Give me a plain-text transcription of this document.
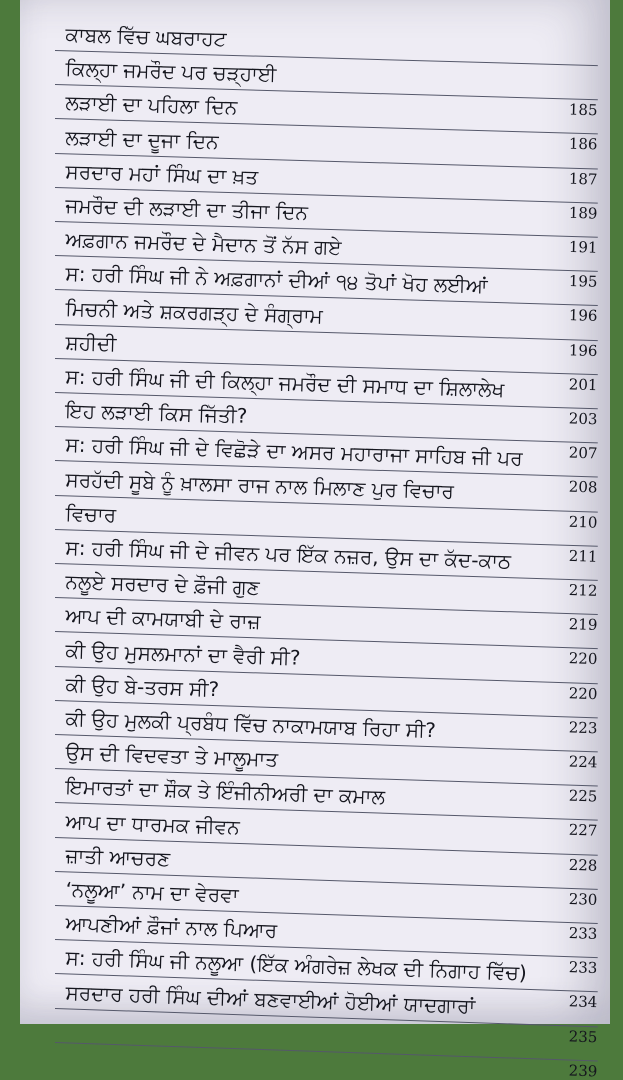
ਕਾਬਲ ਵਿੱਚ ਘਬਰਾਹਟ
ਕਿਲ੍ਹਾ ਜਮਰੌਦ ਪਰ ਚੜ੍ਹਾਈ
185
ਲੜਾਈ ਦਾ ਪਹਿਲਾ ਦਿਨ
186
ਲੜਾਈ ਦਾ ਦੂਜਾ ਦਿਨ
187
ਸਰਦਾਰ ਮਹਾਂ ਸਿੰਘ ਦਾ ਖ਼ਤ
189
ਜਮਰੌਦ ਦੀ ਲੜਾਈ ਦਾ ਤੀਜਾ ਦਿਨ
191
ਅਫ਼ਗਾਨ ਜਮਰੌਦ ਦੇ ਮੈਦਾਨ ਤੋਂ ਨੱਸ ਗਏ
195
ਸ: ਹਰੀ ਸਿੰਘ ਜੀ ਨੇ ਅਫ਼ਗਾਨਾਂ ਦੀਆਂ ੧੪ ਤੋਪਾਂ ਖੋਹ ਲਈਆਂ
196
ਮਿਚਨੀ ਅਤੇ ਸ਼ਕਰਗੜ੍ਹ ਦੇ ਸੰਗ੍ਰਾਮ
196
ਸ਼ਹੀਦੀ
201
ਸ: ਹਰੀ ਸਿੰਘ ਜੀ ਦੀ ਕਿਲ੍ਹਾ ਜਮਰੌਦ ਦੀ ਸਮਾਧ ਦਾ ਸ਼ਿਲਾਲੇਖ
203
ਇਹ ਲੜਾਈ ਕਿਸ ਜਿੱਤੀ?
207
ਸ: ਹਰੀ ਸਿੰਘ ਜੀ ਦੇ ਵਿਛੋੜੇ ਦਾ ਅਸਰ ਮਹਾਰਾਜਾ ਸਾਹਿਬ ਜੀ ਪਰ
208
ਸਰਹੱਦੀ ਸੂਬੇ ਨੂੰ ਖ਼ਾਲਸਾ ਰਾਜ ਨਾਲ ਮਿਲਾਣ ਪੁਰ ਵਿਚਾਰ
210
ਵਿਚਾਰ
211
ਸ: ਹਰੀ ਸਿੰਘ ਜੀ ਦੇ ਜੀਵਨ ਪਰ ਇੱਕ ਨਜ਼ਰ, ਉਸ ਦਾ ਕੱਦ-ਕਾਠ
212
ਨਲੂਏ ਸਰਦਾਰ ਦੇ ਫ਼ੌਜੀ ਗੁਣ
219
ਆਪ ਦੀ ਕਾਮਯਾਬੀ ਦੇ ਰਾਜ਼
220
ਕੀ ਉਹ ਮੁਸਲਮਾਨਾਂ ਦਾ ਵੈਰੀ ਸੀ?
220
ਕੀ ਉਹ ਬੇ-ਤਰਸ ਸੀ?
223
ਕੀ ਉਹ ਮੁਲਕੀ ਪ੍ਰਬੰਧ ਵਿੱਚ ਨਾਕਾਮਯਾਬ ਰਿਹਾ ਸੀ?
224
ਉਸ ਦੀ ਵਿਦਵਤਾ ਤੇ ਮਾਲੂਮਾਤ
225
ਇਮਾਰਤਾਂ ਦਾ ਸ਼ੌਕ ਤੇ ਇੰਜੀਨੀਅਰੀ ਦਾ ਕਮਾਲ
227
ਆਪ ਦਾ ਧਾਰਮਕ ਜੀਵਨ
228
ਜ਼ਾਤੀ ਆਚਰਣ
230
‘ਨਲੂਆ’ ਨਾਮ ਦਾ ਵੇਰਵਾ
233
ਆਪਣੀਆਂ ਫ਼ੌਜਾਂ ਨਾਲ ਪਿਆਰ
233
ਸ: ਹਰੀ ਸਿੰਘ ਜੀ ਨਲੂਆ (ਇੱਕ ਅੰਗਰੇਜ਼ ਲੇਖਕ ਦੀ ਨਿਗਾਹ ਵਿੱਚ)
234
ਸਰਦਾਰ ਹਰੀ ਸਿੰਘ ਦੀਆਂ ਬਣਵਾਈਆਂ ਹੋਈਆਂ ਯਾਦਗਾਰਾਂ
235
239
